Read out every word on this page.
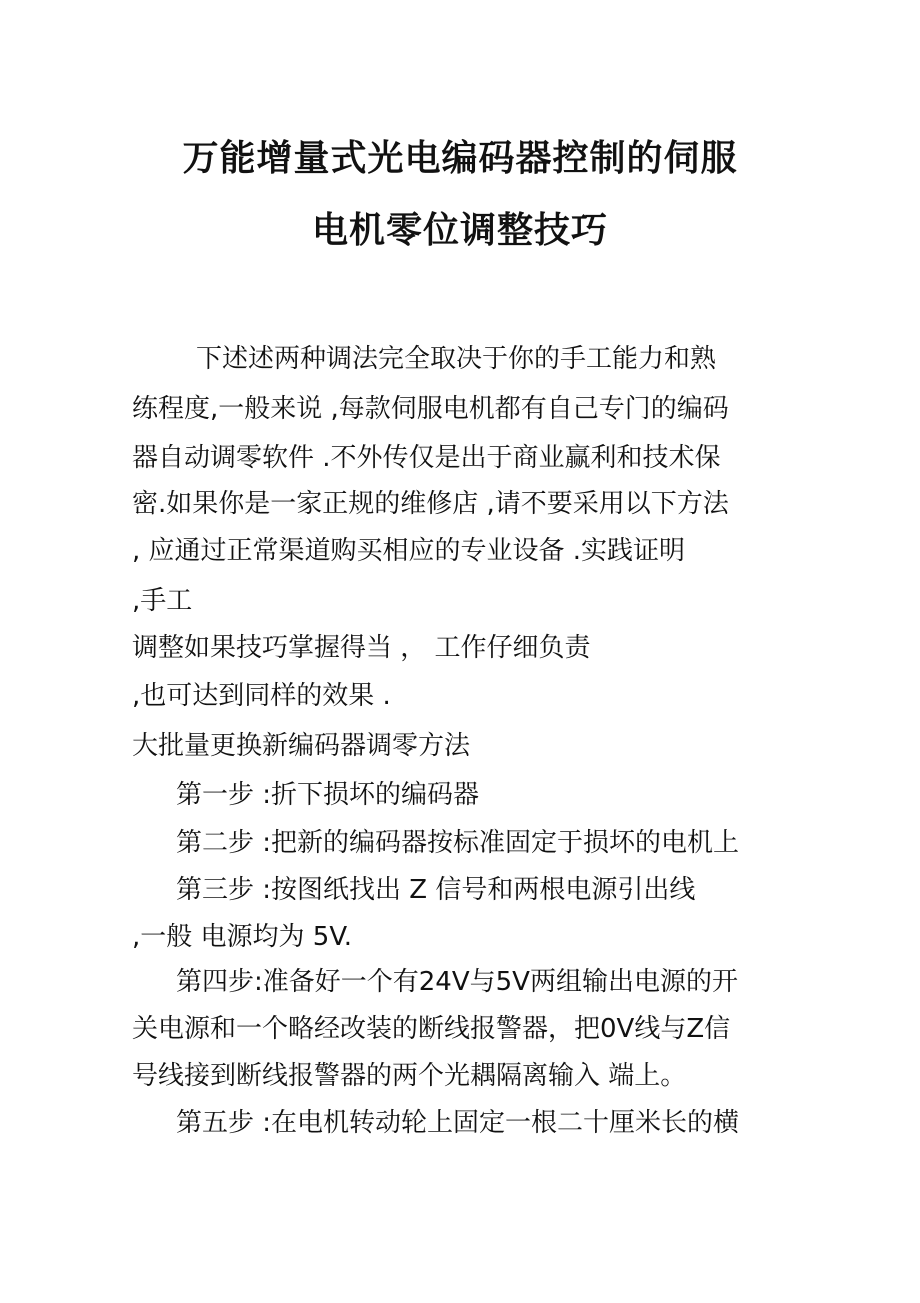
万能增量式光电编码器控制的伺服
电机零位调整技巧
下述述两种调法完全取决于你的手工能力和熟
练程度,一般来说 ,每款伺服电机都有自己专门的编码
器自动调零软件 .不外传仅是出于商业赢利和技术保
密.如果你是一家正规的维修店 ,请不要采用以下方法
, 应通过正常渠道购买相应的专业设备 .实践证明
,手工
调整如果技巧掌握得当 ， 工作仔细负责
,也可达到同样的效果 .
大批量更换新编码器调零方法
第一步 :折下损坏的编码器
第二步 :把新的编码器按标准固定于损坏的电机上
第三步 :按图纸找出 Z 信号和两根电源引出线
,一般 电源均为 5V.
第四步:准备好一个有24V与5V两组输出电源的开
关电源和一个略经改装的断线报警器，把0V线与Z信
号线接到断线报警器的两个光耦隔离输入 端上。
第五步 :在电机转动轮上固定一根二十厘米长的横
